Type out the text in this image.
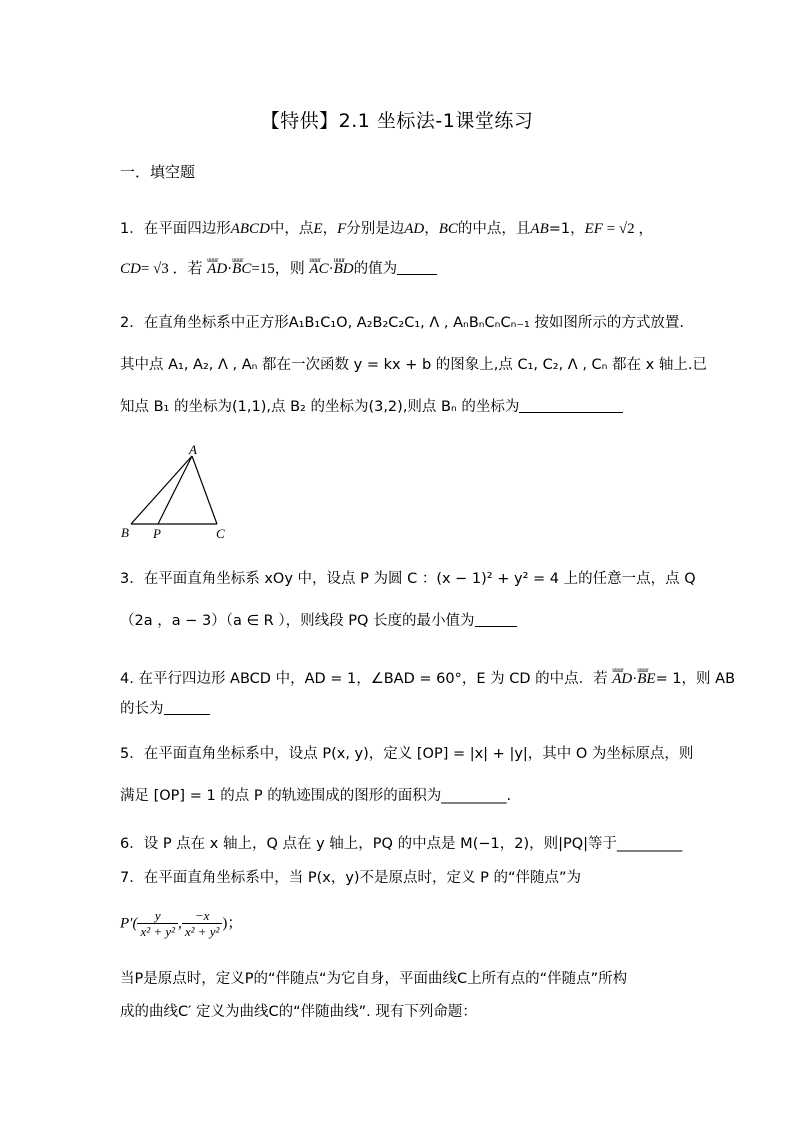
【特供】2.1 坐标法-1课堂练习
一．填空题
1．在平面四边形ABCD中，点E，F分别是边AD，BC的中点，且AB=1，EF = √2 ，
CD= √3 ．若 uuur AD·uuur BC=15，则 uuur AC·uuur BD的值为
2．在直角坐标系中正方形A₁B₁C₁O, A₂B₂C₂C₁, Λ , AₙBₙCₙCₙ₋₁ 按如图所示的方式放置.
其中点 A₁, A₂, Λ , Aₙ 都在一次函数 y = kx + b 的图象上,点 C₁, C₂, Λ , Cₙ 都在 x 轴上.已
知点 B₁ 的坐标为(1,1),点 B₂ 的坐标为(3,2),则点 Bₙ 的坐标为
A
B P	C
3．在平面直角坐标系 xOy 中，设点 P 为圆 C ：(x − 1)² + y² = 4 上的任意一点，点 Q
（2a ，a − 3）（a ∈ R ），则线段 PQ 长度的最小值为
4. 在平行四边形 ABCD 中，AD = 1，∠BAD = 60°，E 为 CD 的中点．若 uuur AD·uuur BE= 1，则 AB
的长为
5．在平面直角坐标系中，设点 P(x, y)，定义 [OP] = |x| + |y|，其中 O 为坐标原点，则
满足 [OP] = 1 的点 P 的轨迹围成的图形的面积为_________.
6．设 P 点在 x 轴上，Q 点在 y 轴上，PQ 的中点是 M(−1，2)，则|PQ|等于_________
7．在平面直角坐标系中，当 P(x，y)不是原点时，定义 P 的“伴随点”为
$P'( \frac{y}{\text{x² + y²}}$ , $\frac{-x}{\text{x² + y²}}$ )；
当P是原点时，定义P的“伴随点“为它自身，平面曲线C上所有点的“伴随点”所构
成的曲线C′ 定义为曲线C的“伴随曲线”. 现有下列命题：
